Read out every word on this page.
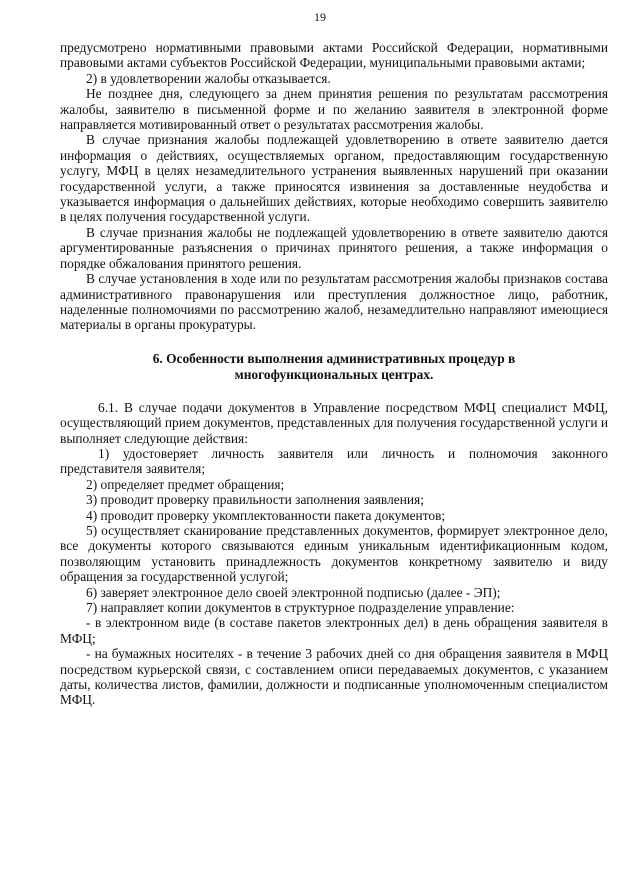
19

предусмотрено нормативными правовыми актами Российской Федерации, нормативными правовыми актами субъектов Российской Федерации, муниципальными правовыми актами;

2) в удовлетворении жалобы отказывается.

Не позднее дня, следующего за днем принятия решения по результатам рассмотрения жалобы, заявителю в письменной форме и по желанию заявителя в электронной форме направляется мотивированный ответ о результатах рассмотрения жалобы.

В случае признания жалобы подлежащей удовлетворению в ответе заявителю дается информация о действиях, осуществляемых органом, предоставляющим государственную услугу, МФЦ в целях незамедлительного устранения выявленных нарушений при оказании государственной услуги, а также приносятся извинения за доставленные неудобства и указывается информация о дальнейших действиях, которые необходимо совершить заявителю в целях получения государственной услуги.

В случае признания жалобы не подлежащей удовлетворению в ответе заявителю даются аргументированные разъяснения о причинах принятого решения, а также информация о порядке обжалования принятого решения.

В случае установления в ходе или по результатам рассмотрения жалобы признаков состава административного правонарушения или преступления должностное лицо, работник, наделенные полномочиями по рассмотрению жалоб, незамедлительно направляют имеющиеся материалы в органы прокуратуры.

6. Особенности выполнения административных процедур в многофункциональных центрах.

6.1. В случае подачи документов в Управление посредством МФЦ специалист МФЦ, осуществляющий прием документов, представленных для получения государственной услуги и выполняет следующие действия:

1) удостоверяет личность заявителя или личность и полномочия законного представителя заявителя;

2) определяет предмет обращения;

3) проводит проверку правильности заполнения заявления;

4) проводит проверку укомплектованности пакета документов;

5) осуществляет сканирование представленных документов, формирует электронное дело, все документы которого связываются единым уникальным идентификационным кодом, позволяющим установить принадлежность документов конкретному заявителю и виду обращения за государственной услугой;

6) заверяет электронное дело своей электронной подписью (далее - ЭП);

7) направляет копии документов в структурное подразделение управление:

- в электронном виде (в составе пакетов электронных дел) в день обращения заявителя в МФЦ;

- на бумажных носителях - в течение 3 рабочих дней со дня обращения заявителя в МФЦ посредством курьерской связи, с составлением описи передаваемых документов, с указанием даты, количества листов, фамилии, должности и подписанные уполномоченным специалистом МФЦ.
